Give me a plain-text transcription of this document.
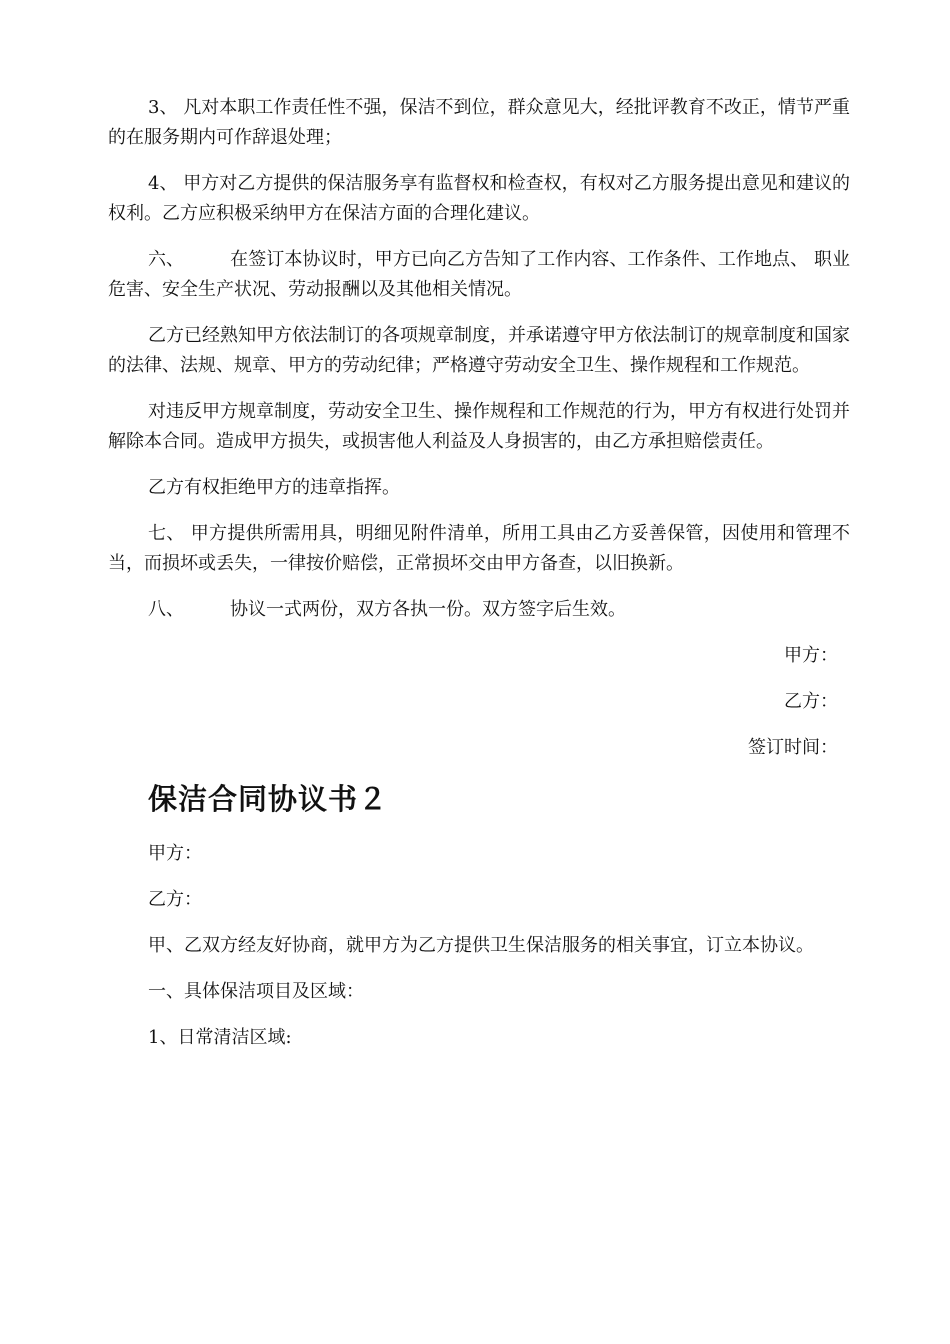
3、 凡对本职工作责任性不强，保洁不到位，群众意见大，经批评教育不改正，情节严重的在服务期内可作辞退处理；

4、 甲方对乙方提供的保洁服务享有监督权和检查权，有权对乙方服务提出意见和建议的权利。乙方应积极采纳甲方在保洁方面的合理化建议。

六、	在签订本协议时，甲方已向乙方告知了工作内容、工作条件、工作地点、 职业危害、安全生产状况、劳动报酬以及其他相关情况。

乙方已经熟知甲方依法制订的各项规章制度，并承诺遵守甲方依法制订的规章制度和国家的法律、法规、规章、甲方的劳动纪律；严格遵守劳动安全卫生、操作规程和工作规范。

对违反甲方规章制度，劳动安全卫生、操作规程和工作规范的行为，甲方有权进行处罚并解除本合同。造成甲方损失，或损害他人利益及人身损害的，由乙方承担赔偿责任。

乙方有权拒绝甲方的违章指挥。

七、 甲方提供所需用具，明细见附件清单，所用工具由乙方妥善保管，因使用和管理不当，而损坏或丢失，一律按价赔偿，正常损坏交由甲方备查，以旧换新。

八、	协议一式两份，双方各执一份。双方签字后生效。

甲方：

乙方：

签订时间：

保洁合同协议书２

甲方：

乙方：

甲、乙双方经友好协商，就甲方为乙方提供卫生保洁服务的相关事宜，订立本协议。

一、具体保洁项目及区域：

1、日常清洁区域:
